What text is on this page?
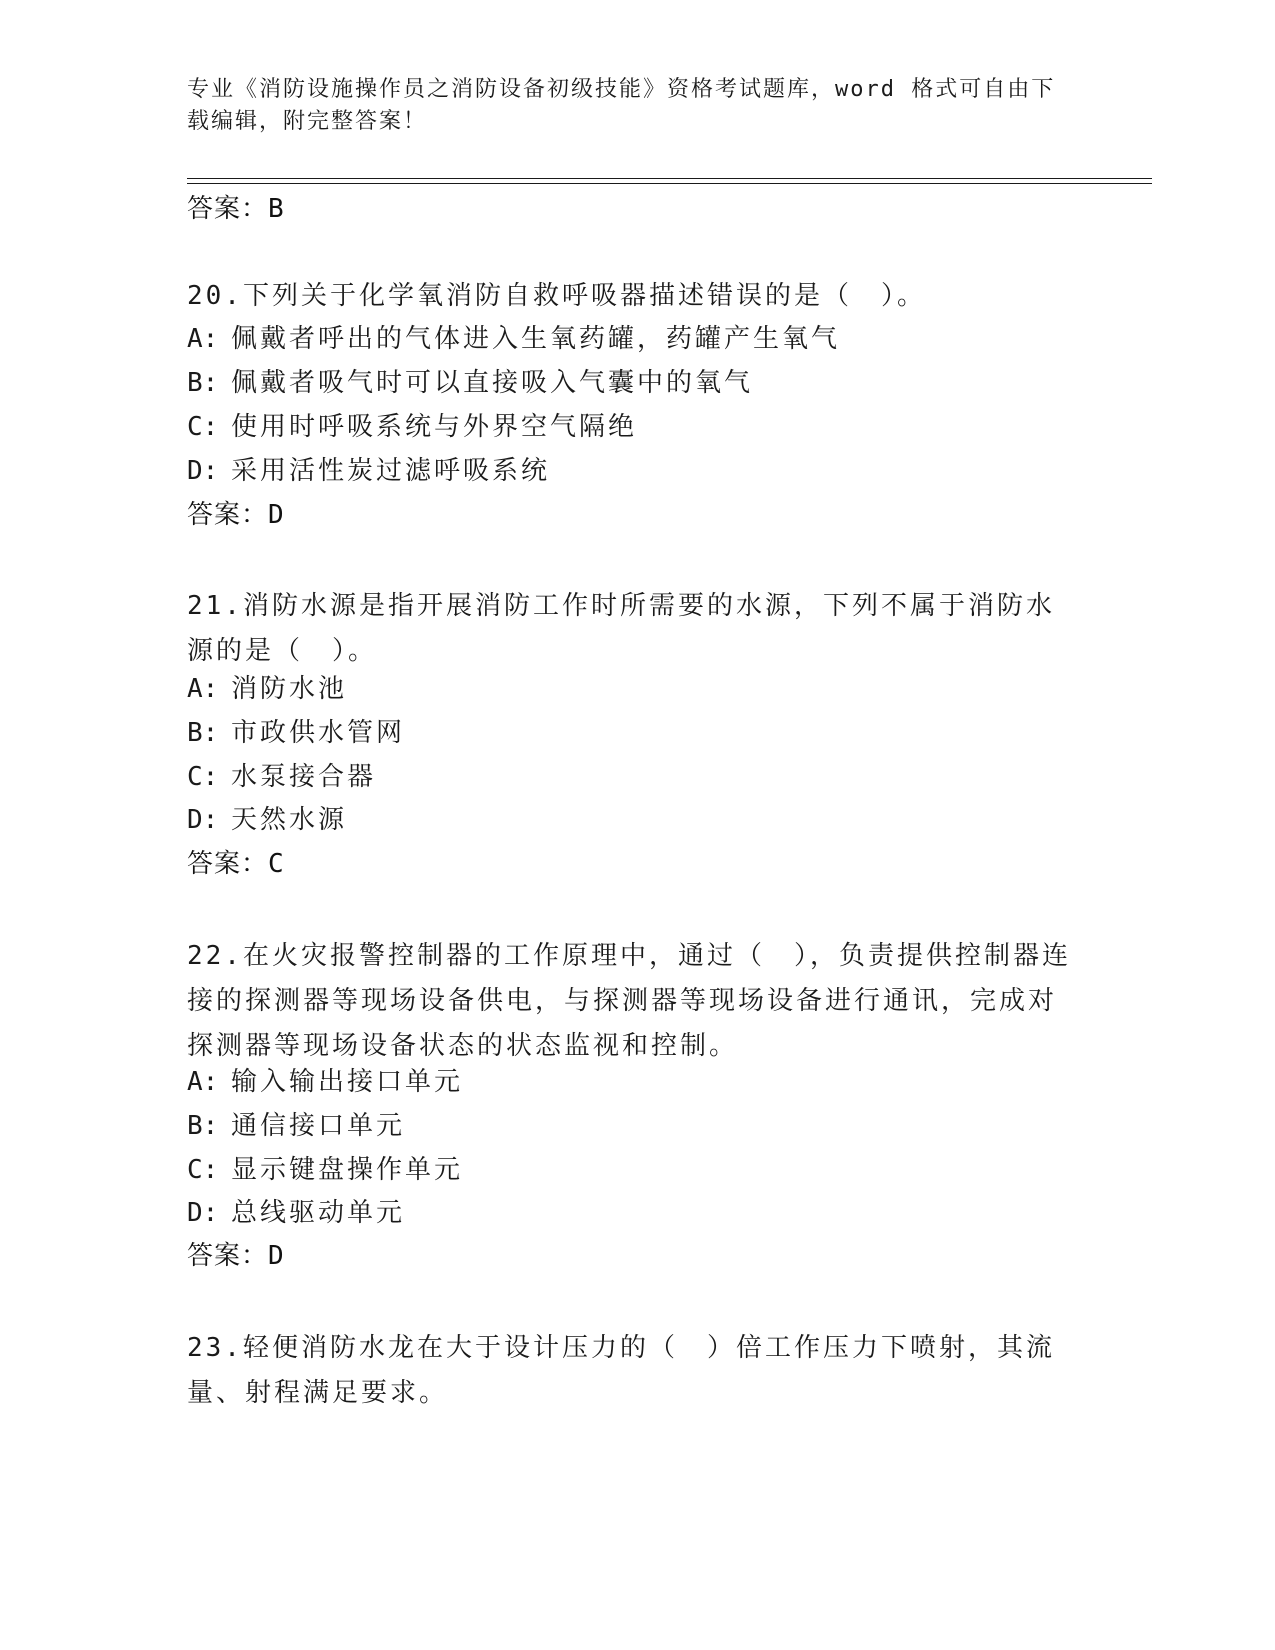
专业《消防设施操作员之消防设备初级技能》资格考试题库，word 格式可自由下载编辑，附完整答案！
答案：B
20.下列关于化学氧消防自救呼吸器描述错误的是（　）。
A: 佩戴者呼出的气体进入生氧药罐，药罐产生氧气
B: 佩戴者吸气时可以直接吸入气囊中的氧气
C: 使用时呼吸系统与外界空气隔绝
D: 采用活性炭过滤呼吸系统
答案：D
21.消防水源是指开展消防工作时所需要的水源，下列不属于消防水源的是（　）。
A: 消防水池
B: 市政供水管网
C: 水泵接合器
D: 天然水源
答案：C
22.在火灾报警控制器的工作原理中，通过（　），负责提供控制器连接的探测器等现场设备供电，与探测器等现场设备进行通讯，完成对探测器等现场设备状态的状态监视和控制。
A: 输入输出接口单元
B: 通信接口单元
C: 显示键盘操作单元
D: 总线驱动单元
答案：D
23.轻便消防水龙在大于设计压力的（　）倍工作压力下喷射，其流量、射程满足要求。
